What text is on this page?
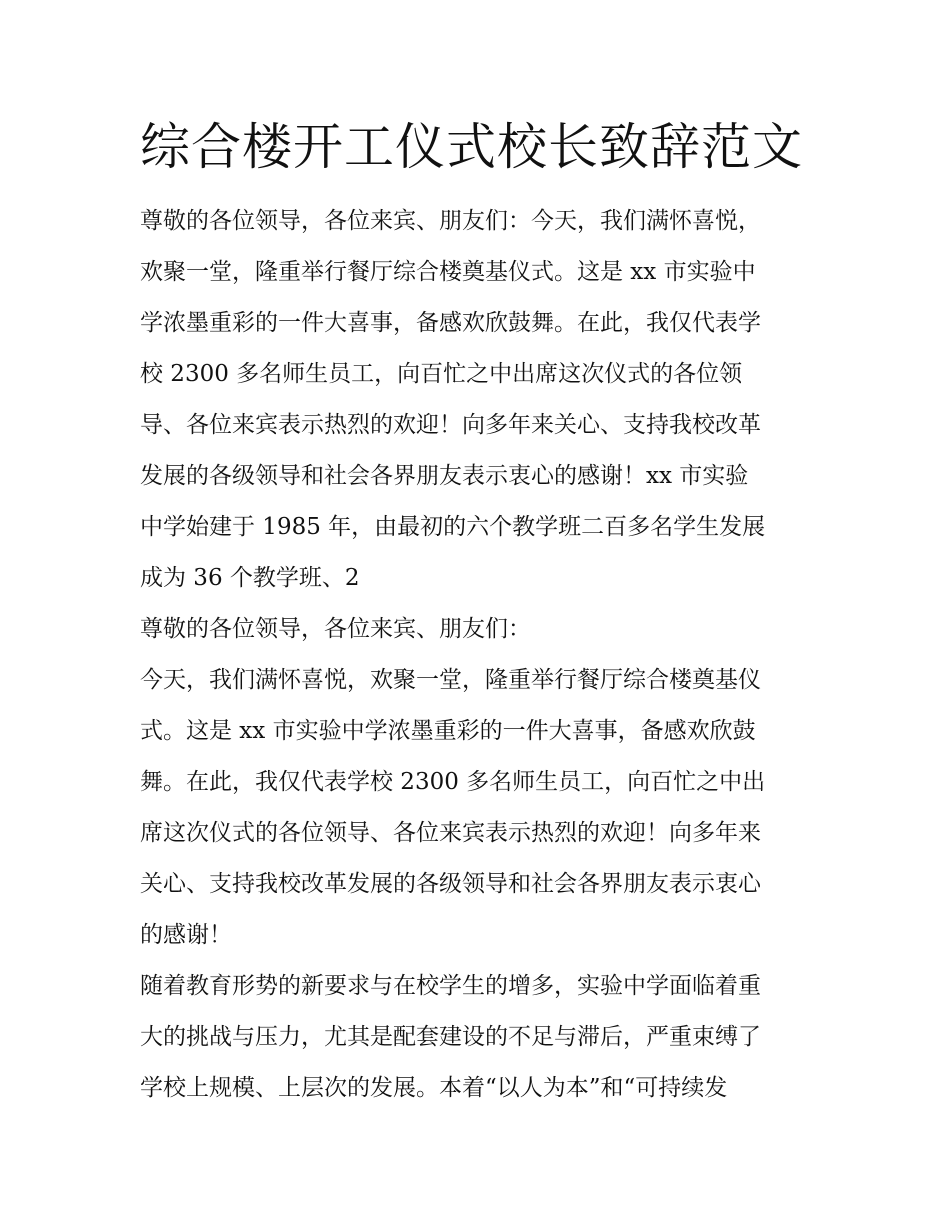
综合楼开工仪式校长致辞范文
尊敬的各位领导，各位来宾、朋友们：今天，我们满怀喜悦，
欢聚一堂，隆重举行餐厅综合楼奠基仪式。这是 xx 市实验中
学浓墨重彩的一件大喜事，备感欢欣鼓舞。在此，我仅代表学
校 2300 多名师生员工，向百忙之中出席这次仪式的各位领
导、各位来宾表示热烈的欢迎！向多年来关心、支持我校改革
发展的各级领导和社会各界朋友表示衷心的感谢！xx 市实验
中学始建于 1985 年，由最初的六个教学班二百多名学生发展
成为 36 个教学班、2
尊敬的各位领导，各位来宾、朋友们：
今天，我们满怀喜悦，欢聚一堂，隆重举行餐厅综合楼奠基仪
式。这是 xx 市实验中学浓墨重彩的一件大喜事，备感欢欣鼓
舞。在此，我仅代表学校 2300 多名师生员工，向百忙之中出
席这次仪式的各位领导、各位来宾表示热烈的欢迎！向多年来
关心、支持我校改革发展的各级领导和社会各界朋友表示衷心
的感谢！
随着教育形势的新要求与在校学生的增多，实验中学面临着重
大的挑战与压力，尤其是配套建设的不足与滞后，严重束缚了
学校上规模、上层次的发展。本着“以人为本”和“可持续发
